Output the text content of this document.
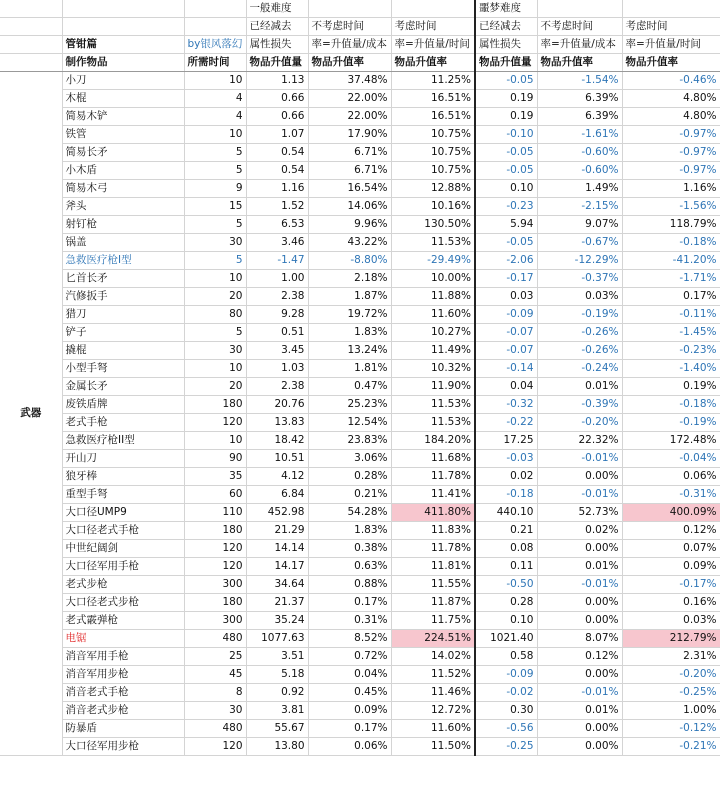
			一般难度			噩梦难度		
			已经减去	不考虑时间	考虑时间	已经减去	不考虑时间	考虑时间
	管钳篇	by银风落幻	属性损失	率=升值量/成本	率=升值量/时间	属性损失	率=升值量/成本	率=升值量/时间
	制作物品	所需时间	物品升值量	物品升值率	物品升值率	物品升值量	物品升值率	物品升值率
武器	小刀	10	1.13	37.48%	11.25%	-0.05	-1.54%	-0.46%
	木棍	4	0.66	22.00%	16.51%	0.19	6.39%	4.80%
	简易木铲	4	0.66	22.00%	16.51%	0.19	6.39%	4.80%
	铁管	10	1.07	17.90%	10.75%	-0.10	-1.61%	-0.97%
	简易长矛	5	0.54	6.71%	10.75%	-0.05	-0.60%	-0.97%
	小木盾	5	0.54	6.71%	10.75%	-0.05	-0.60%	-0.97%
	简易木弓	9	1.16	16.54%	12.88%	0.10	1.49%	1.16%
	斧头	15	1.52	14.06%	10.16%	-0.23	-2.15%	-1.56%
	射钉枪	5	6.53	9.96%	130.50%	5.94	9.07%	118.79%
	锅盖	30	3.46	43.22%	11.53%	-0.05	-0.67%	-0.18%
	急救医疗枪I型	5	-1.47	-8.80%	-29.49%	-2.06	-12.29%	-41.20%
	匕首长矛	10	1.00	2.18%	10.00%	-0.17	-0.37%	-1.71%
	汽修扳手	20	2.38	1.87%	11.88%	0.03	0.03%	0.17%
	猎刀	80	9.28	19.72%	11.60%	-0.09	-0.19%	-0.11%
	铲子	5	0.51	1.83%	10.27%	-0.07	-0.26%	-1.45%
	撬棍	30	3.45	13.24%	11.49%	-0.07	-0.26%	-0.23%
	小型手弩	10	1.03	1.81%	10.32%	-0.14	-0.24%	-1.40%
	金属长矛	20	2.38	0.47%	11.90%	0.04	0.01%	0.19%
	废铁盾牌	180	20.76	25.23%	11.53%	-0.32	-0.39%	-0.18%
	老式手枪	120	13.83	12.54%	11.53%	-0.22	-0.20%	-0.19%
	急救医疗枪II型	10	18.42	23.83%	184.20%	17.25	22.32%	172.48%
	开山刀	90	10.51	3.06%	11.68%	-0.03	-0.01%	-0.04%
	狼牙棒	35	4.12	0.28%	11.78%	0.02	0.00%	0.06%
	重型手弩	60	6.84	0.21%	11.41%	-0.18	-0.01%	-0.31%
	大口径UMP9	110	452.98	54.28%	411.80%	440.10	52.73%	400.09%
	大口径老式手枪	180	21.29	1.83%	11.83%	0.21	0.02%	0.12%
	中世纪阔剑	120	14.14	0.38%	11.78%	0.08	0.00%	0.07%
	大口径军用手枪	120	14.17	0.63%	11.81%	0.11	0.01%	0.09%
	老式步枪	300	34.64	0.88%	11.55%	-0.50	-0.01%	-0.17%
	大口径老式步枪	180	21.37	0.17%	11.87%	0.28	0.00%	0.16%
	老式霰弹枪	300	35.24	0.31%	11.75%	0.10	0.00%	0.03%
	电锯	480	1077.63	8.52%	224.51%	1021.40	8.07%	212.79%
	消音军用手枪	25	3.51	0.72%	14.02%	0.58	0.12%	2.31%
	消音军用步枪	45	5.18	0.04%	11.52%	-0.09	0.00%	-0.20%
	消音老式手枪	8	0.92	0.45%	11.46%	-0.02	-0.01%	-0.25%
	消音老式步枪	30	3.81	0.09%	12.72%	0.30	0.01%	1.00%
	防暴盾	480	55.67	0.17%	11.60%	-0.56	0.00%	-0.12%
	大口径军用步枪	120	13.80	0.06%	11.50%	-0.25	0.00%	-0.21%
